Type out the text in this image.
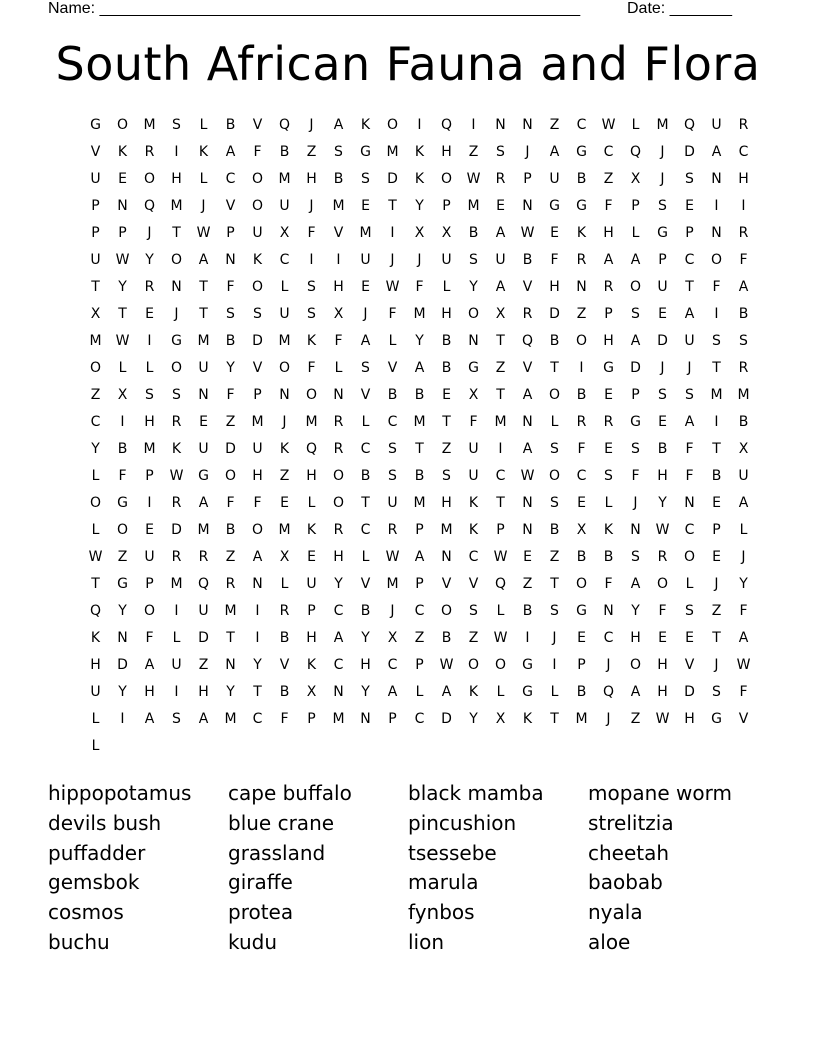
Name: ______________________________________________________	Date: _______
South African Fauna and Flora
G	O	M	S	L	B	V	Q	J	A	K	O	I	Q	I	N	N	Z	C	W	L	M	Q	U	R
V	K	R	I	K	A	F	B	Z	S	G	M	K	H	Z	S	J	A	G	C	Q	J	D	A	C
U	E	O	H	L	C	O	M	H	B	S	D	K	O	W	R	P	U	B	Z	X	J	S	N	H
P	N	Q	M	J	V	O	U	J	M	E	T	Y	P	M	E	N	G	G	F	P	S	E	I	I
P	P	J	T	W	P	U	X	F	V	M	I	X	X	B	A	W	E	K	H	L	G	P	N	R
U	W	Y	O	A	N	K	C	I	I	U	J	J	U	S	U	B	F	R	A	A	P	C	O	F
T	Y	R	N	T	F	O	L	S	H	E	W	F	L	Y	A	V	H	N	R	O	U	T	F	A
X	T	E	J	T	S	S	U	S	X	J	F	M	H	O	X	R	D	Z	P	S	E	A	I	B
M	W	I	G	M	B	D	M	K	F	A	L	Y	B	N	T	Q	B	O	H	A	D	U	S	S
O	L	L	O	U	Y	V	O	F	L	S	V	A	B	G	Z	V	T	I	G	D	J	J	T	R
Z	X	S	S	N	F	P	N	O	N	V	B	B	E	X	T	A	O	B	E	P	S	S	M	M
C	I	H	R	E	Z	M	J	M	R	L	C	M	T	F	M	N	L	R	R	G	E	A	I	B
Y	B	M	K	U	D	U	K	Q	R	C	S	T	Z	U	I	A	S	F	E	S	B	F	T	X
L	F	P	W	G	O	H	Z	H	O	B	S	B	S	U	C	W	O	C	S	F	H	F	B	U
O	G	I	R	A	F	F	E	L	O	T	U	M	H	K	T	N	S	E	L	J	Y	N	E	A
L	O	E	D	M	B	O	M	K	R	C	R	P	M	K	P	N	B	X	K	N	W	C	P	L
W	Z	U	R	R	Z	A	X	E	H	L	W	A	N	C	W	E	Z	B	B	S	R	O	E	J
T	G	P	M	Q	R	N	L	U	Y	V	M	P	V	V	Q	Z	T	O	F	A	O	L	J	Y
Q	Y	O	I	U	M	I	R	P	C	B	J	C	O	S	L	B	S	G	N	Y	F	S	Z	F
K	N	F	L	D	T	I	B	H	A	Y	X	Z	B	Z	W	I	J	E	C	H	E	E	T	A
H	D	A	U	Z	N	Y	V	K	C	H	C	P	W	O	O	G	I	P	J	O	H	V	J	W
U	Y	H	I	H	Y	T	B	X	N	Y	A	L	A	K	L	G	L	B	Q	A	H	D	S	F
L	I	A	S	A	M	C	F	P	M	N	P	C	D	Y	X	K	T	M	J	Z	W	H	G	V
L
hippopotamus	cape buffalo	black mamba	mopane worm
devils bush	blue crane	pincushion	strelitzia
puffadder	grassland	tsessebe	cheetah
gemsbok	giraffe	marula	baobab
cosmos	protea	fynbos	nyala
buchu	kudu	lion	aloe
